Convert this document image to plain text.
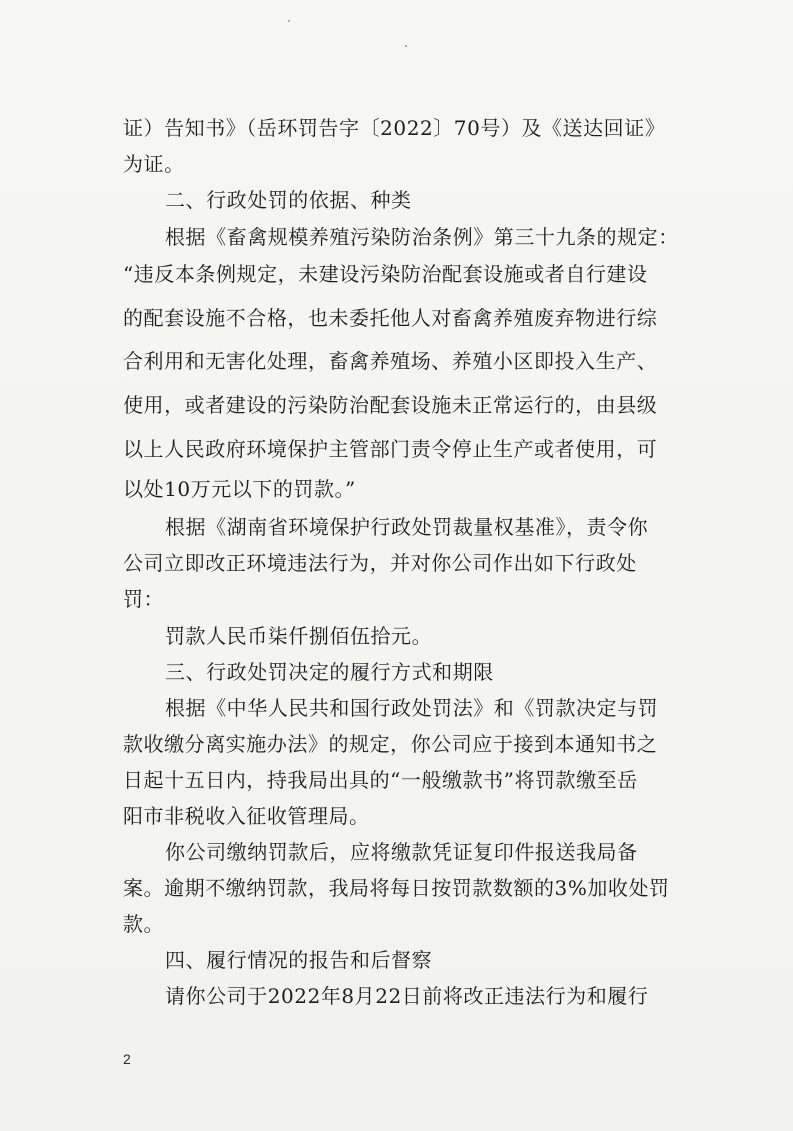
证）告知书》（岳环罚告字〔2022〕70号）及《送达回证》
为证。
二、行政处罚的依据、种类
根据《畜禽规模养殖污染防治条例》第三十九条的规定：
“违反本条例规定，未建设污染防治配套设施或者自行建设
的配套设施不合格，也未委托他人对畜禽养殖废弃物进行综
合利用和无害化处理，畜禽养殖场、养殖小区即投入生产、
使用，或者建设的污染防治配套设施未正常运行的，由县级
以上人民政府环境保护主管部门责令停止生产或者使用，可
以处10万元以下的罚款。”
根据《湖南省环境保护行政处罚裁量权基准》，责令你
公司立即改正环境违法行为，并对你公司作出如下行政处
罚：
罚款人民币柒仟捌佰伍拾元。
三、行政处罚决定的履行方式和期限
根据《中华人民共和国行政处罚法》和《罚款决定与罚
款收缴分离实施办法》的规定，你公司应于接到本通知书之
日起十五日内，持我局出具的“一般缴款书”将罚款缴至岳
阳市非税收入征收管理局。
你公司缴纳罚款后，应将缴款凭证复印件报送我局备
案。逾期不缴纳罚款，我局将每日按罚款数额的3%加收处罚
款。
四、履行情况的报告和后督察
请你公司于2022年8月22日前将改正违法行为和履行
2
